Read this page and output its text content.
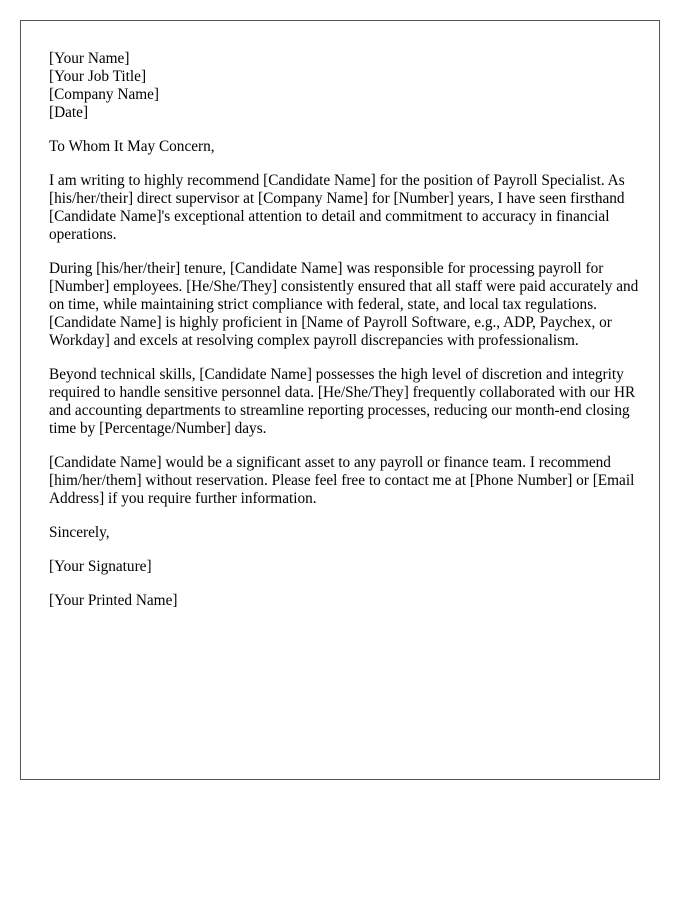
[Your Name]
[Your Job Title]
[Company Name]
[Date]

To Whom It May Concern,

I am writing to highly recommend [Candidate Name] for the position of Payroll Specialist. As [his/her/their] direct supervisor at [Company Name] for [Number] years, I have seen firsthand [Candidate Name]'s exceptional attention to detail and commitment to accuracy in financial operations.

During [his/her/their] tenure, [Candidate Name] was responsible for processing payroll for [Number] employees. [He/She/They] consistently ensured that all staff were paid accurately and on time, while maintaining strict compliance with federal, state, and local tax regulations. [Candidate Name] is highly proficient in [Name of Payroll Software, e.g., ADP, Paychex, or Workday] and excels at resolving complex payroll discrepancies with professionalism.

Beyond technical skills, [Candidate Name] possesses the high level of discretion and integrity required to handle sensitive personnel data. [He/She/They] frequently collaborated with our HR and accounting departments to streamline reporting processes, reducing our month-end closing time by [Percentage/Number] days.

[Candidate Name] would be a significant asset to any payroll or finance team. I recommend [him/her/them] without reservation. Please feel free to contact me at [Phone Number] or [Email Address] if you require further information.

Sincerely,

[Your Signature]

[Your Printed Name]
